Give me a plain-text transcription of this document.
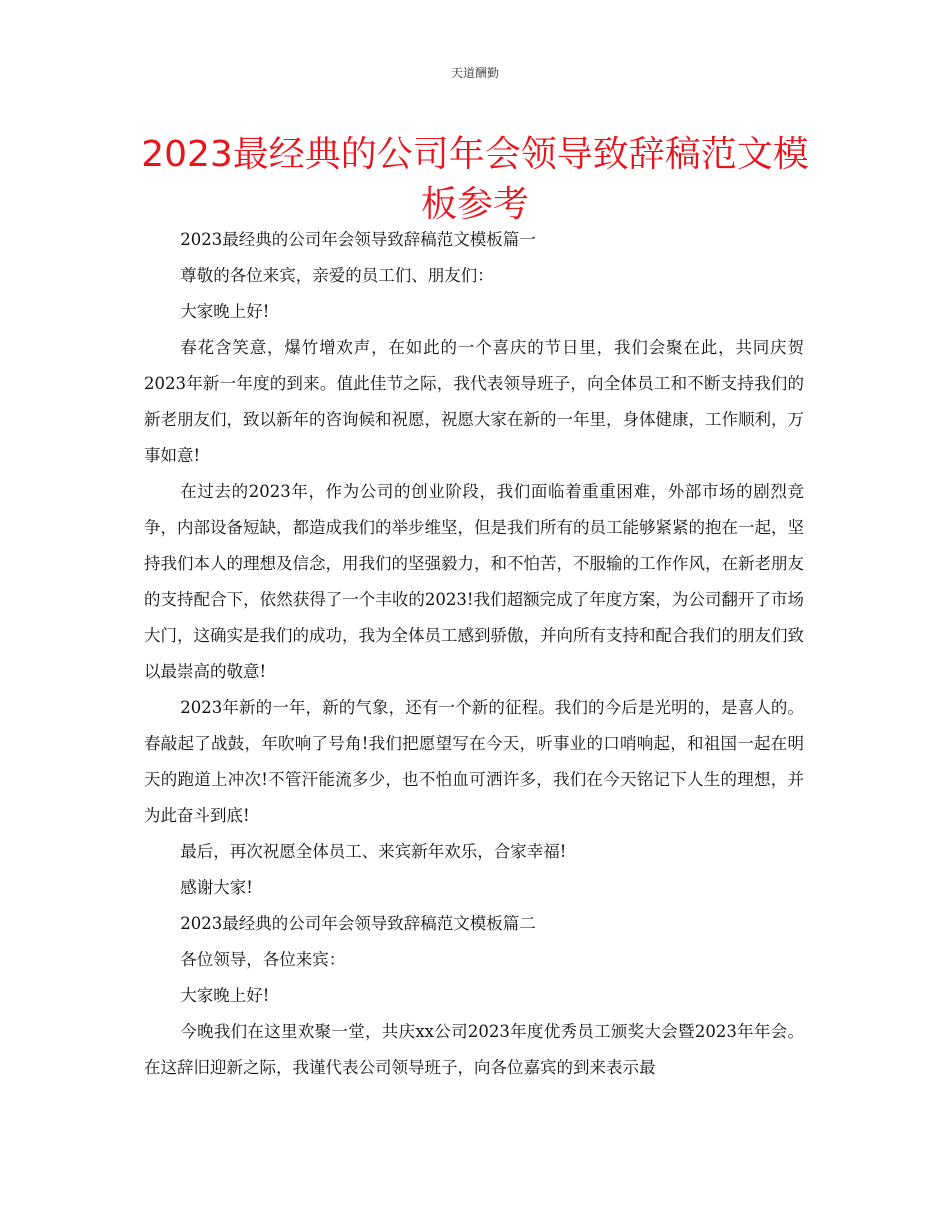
天道酬勤
2023最经典的公司年会领导致辞稿范文模板参考

2023最经典的公司年会领导致辞稿范文模板篇一

尊敬的各位来宾，亲爱的员工们、朋友们：

大家晚上好!

春花含笑意，爆竹增欢声，在如此的一个喜庆的节日里，我们会聚在此，共同庆贺2023年新一年度的到来。值此佳节之际，我代表领导班子，向全体员工和不断支持我们的新老朋友们，致以新年的咨询候和祝愿，祝愿大家在新的一年里，身体健康，工作顺利，万事如意!

在过去的2023年，作为公司的创业阶段，我们面临着重重困难，外部市场的剧烈竞争，内部设备短缺，都造成我们的举步维坚，但是我们所有的员工能够紧紧的抱在一起，坚持我们本人的理想及信念，用我们的坚强毅力，和不怕苦，不服输的工作作风，在新老朋友的支持配合下，依然获得了一个丰收的2023!我们超额完成了年度方案，为公司翻开了市场大门，这确实是我们的成功，我为全体员工感到骄傲，并向所有支持和配合我们的朋友们致以最崇高的敬意!

2023年新的一年，新的气象，还有一个新的征程。我们的今后是光明的，是喜人的。春敲起了战鼓，年吹响了号角!我们把愿望写在今天，听事业的口哨响起，和祖国一起在明天的跑道上冲次!不管汗能流多少，也不怕血可洒许多，我们在今天铭记下人生的理想，并为此奋斗到底!

最后，再次祝愿全体员工、来宾新年欢乐，合家幸福!

感谢大家!

2023最经典的公司年会领导致辞稿范文模板篇二

各位领导，各位来宾：

大家晚上好!

今晚我们在这里欢聚一堂，共庆xx公司2023年度优秀员工颁奖大会暨2023年年会。在这辞旧迎新之际，我谨代表公司领导班子，向各位嘉宾的到来表示最
